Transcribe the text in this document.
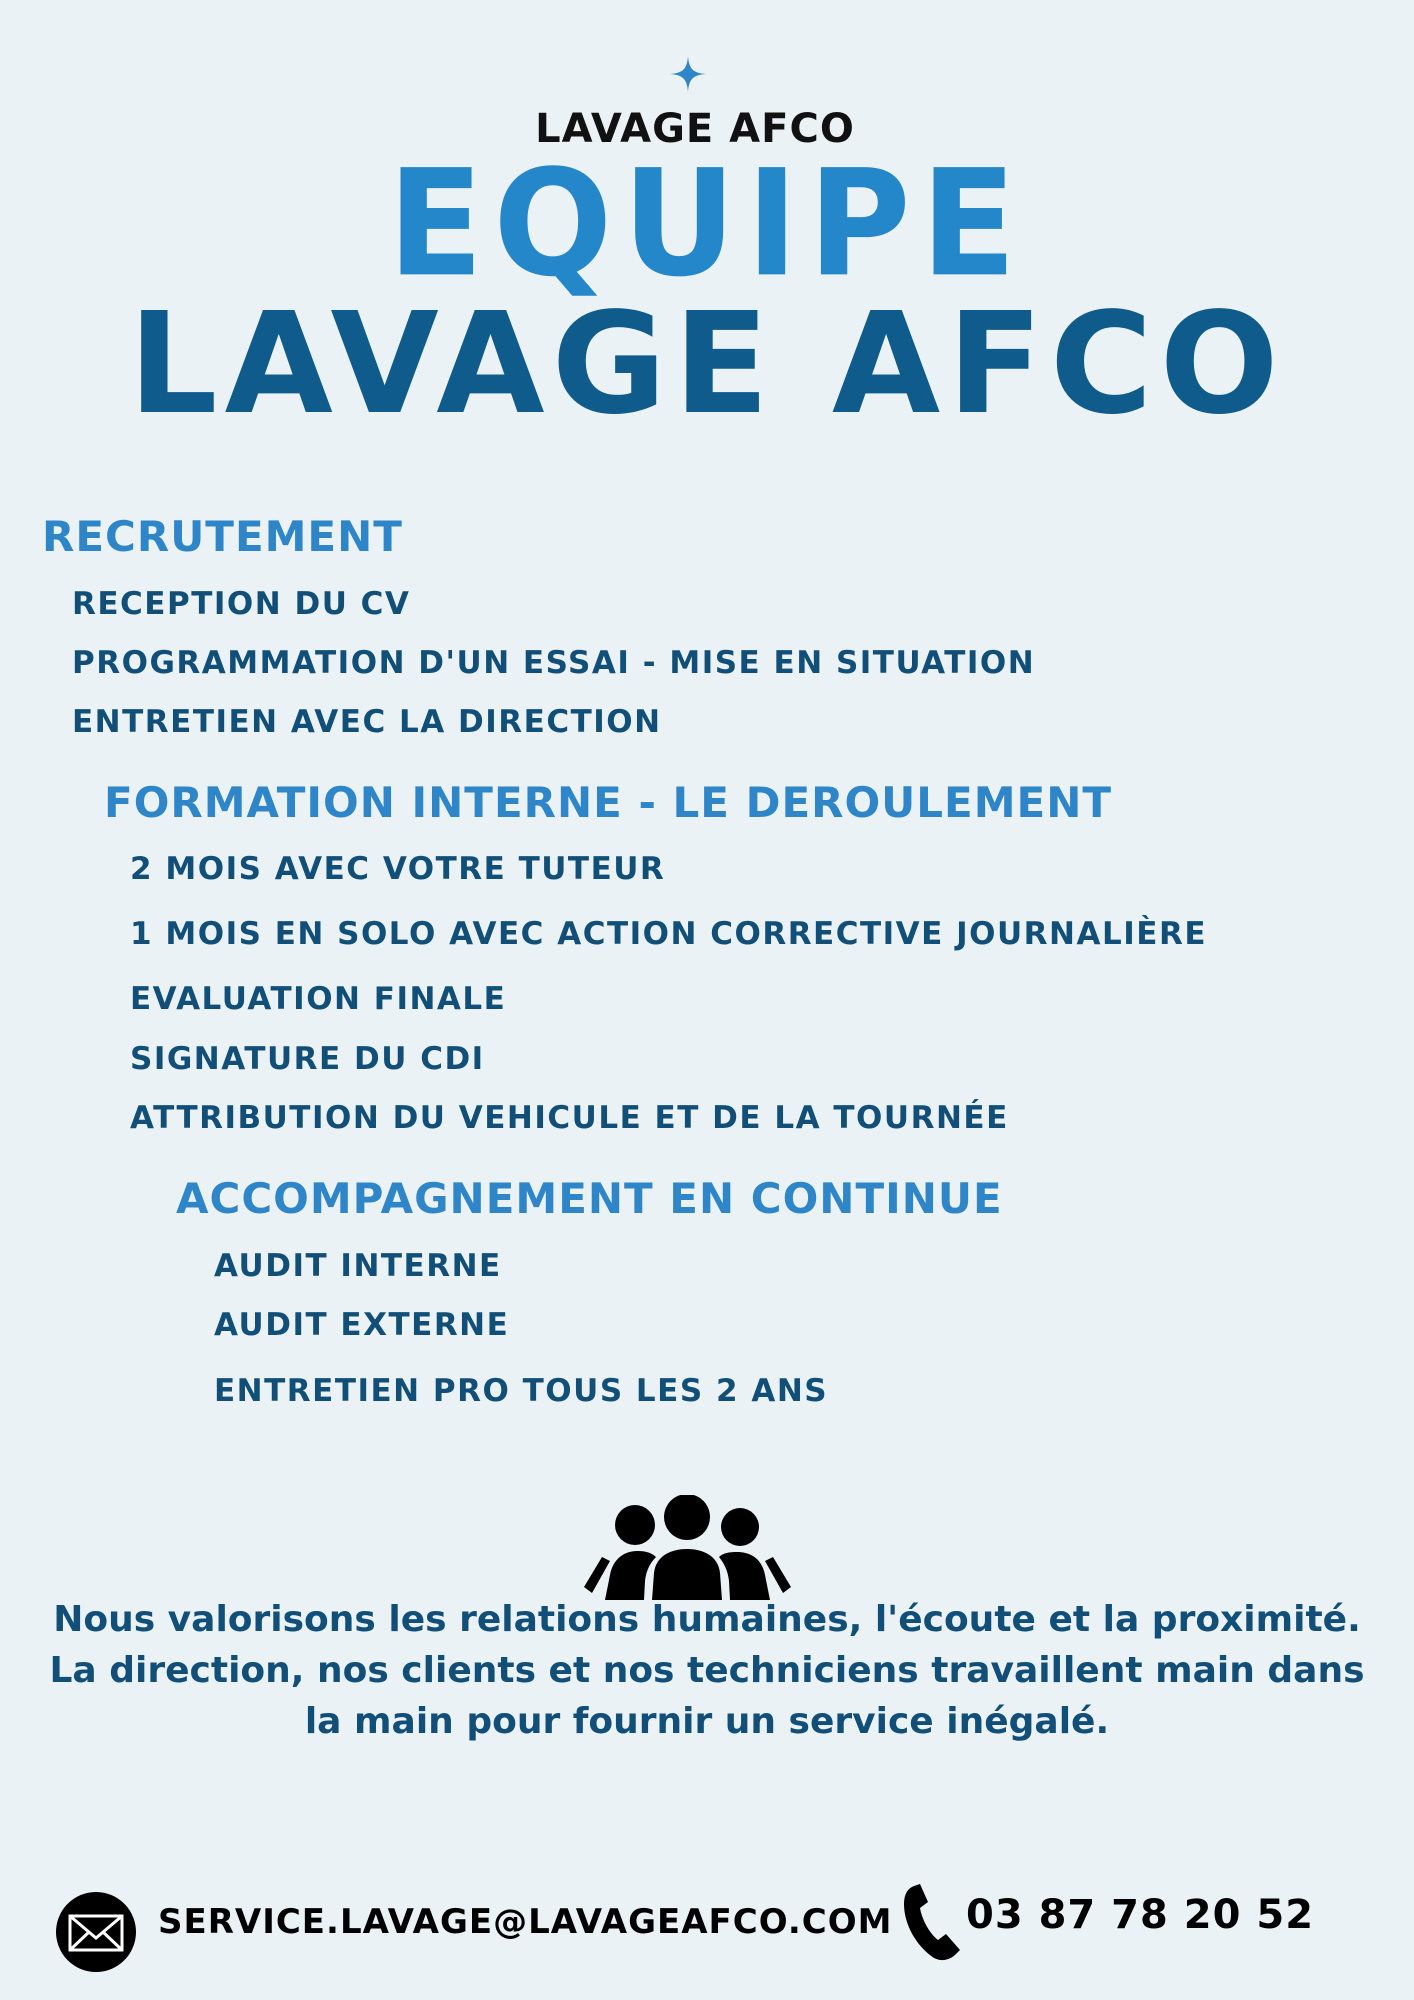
LAVAGE AFCO
EQUIPE
LAVAGE AFCO
RECRUTEMENT
RECEPTION DU CV
PROGRAMMATION D'UN ESSAI - MISE EN SITUATION
ENTRETIEN AVEC LA DIRECTION
FORMATION INTERNE - LE DEROULEMENT
2 MOIS AVEC VOTRE TUTEUR
1 MOIS EN SOLO AVEC ACTION CORRECTIVE JOURNALIÈRE
EVALUATION FINALE
SIGNATURE DU CDI
ATTRIBUTION DU VEHICULE ET DE LA TOURNÉE
ACCOMPAGNEMENT EN CONTINUE
AUDIT INTERNE
AUDIT EXTERNE
ENTRETIEN PRO TOUS LES 2 ANS
Nous valorisons les relations humaines, l'écoute et la proximité. La direction, nos clients et nos techniciens travaillent main dans la main pour fournir un service inégalé.
SERVICE.LAVAGE@LAVAGEAFCO.COM 03 87 78 20 52
